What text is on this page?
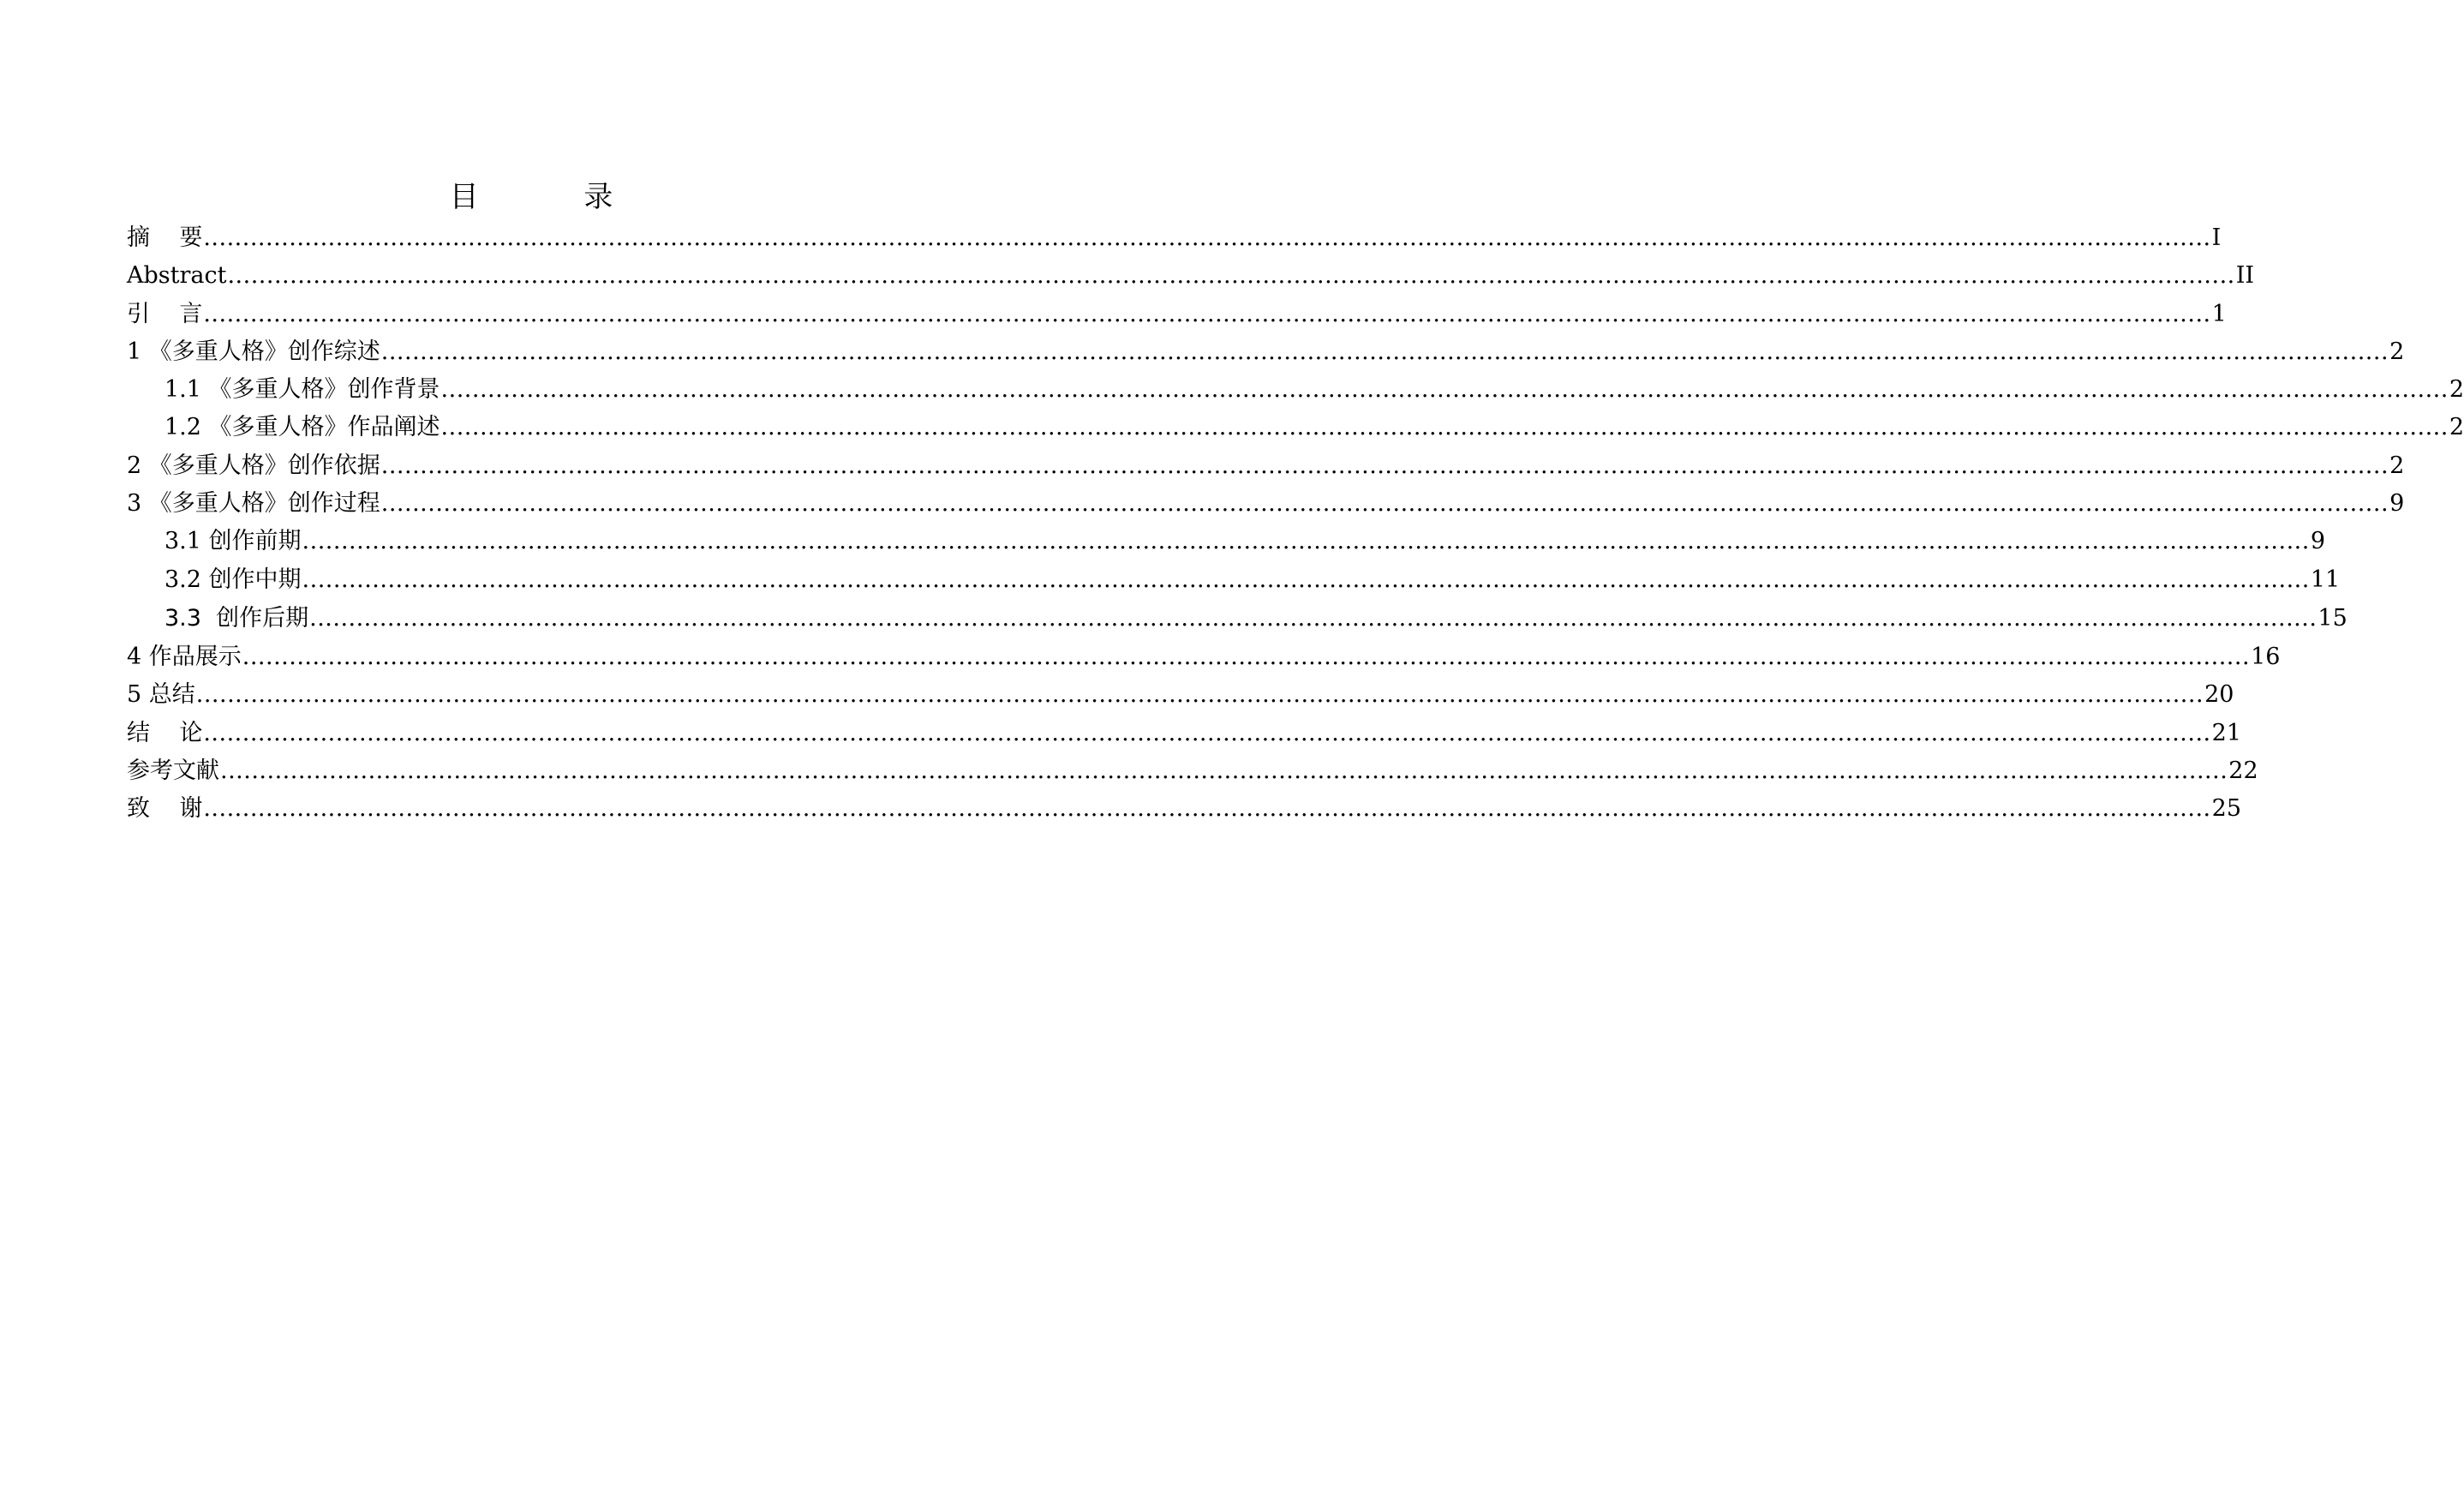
目 录
摘    要 .................................................................................................................................................................................................................................................................. I
Abstract .................................................................................................................................................................................................................................................................. II
引    言 .................................................................................................................................................................................................................................................................. 1
1 《多重人格》创作综述 .................................................................................................................................................................................................................................................................. 2
1.1 《多重人格》创作背景 .................................................................................................................................................................................................................................................................. 2
1.2 《多重人格》作品阐述 .................................................................................................................................................................................................................................................................. 2
2 《多重人格》创作依据 .................................................................................................................................................................................................................................................................. 2
3 《多重人格》创作过程 .................................................................................................................................................................................................................................................................. 9
3.1 创作前期 .................................................................................................................................................................................................................................................................. 9
3.2 创作中期 .................................................................................................................................................................................................................................................................. 11
3.3  创作后期 .................................................................................................................................................................................................................................................................. 15
4 作品展示 .................................................................................................................................................................................................................................................................. 16
5 总结 .................................................................................................................................................................................................................................................................. 20
结    论 .................................................................................................................................................................................................................................................................. 21
参考文献 .................................................................................................................................................................................................................................................................. 22
致    谢 .................................................................................................................................................................................................................................................................. 25
